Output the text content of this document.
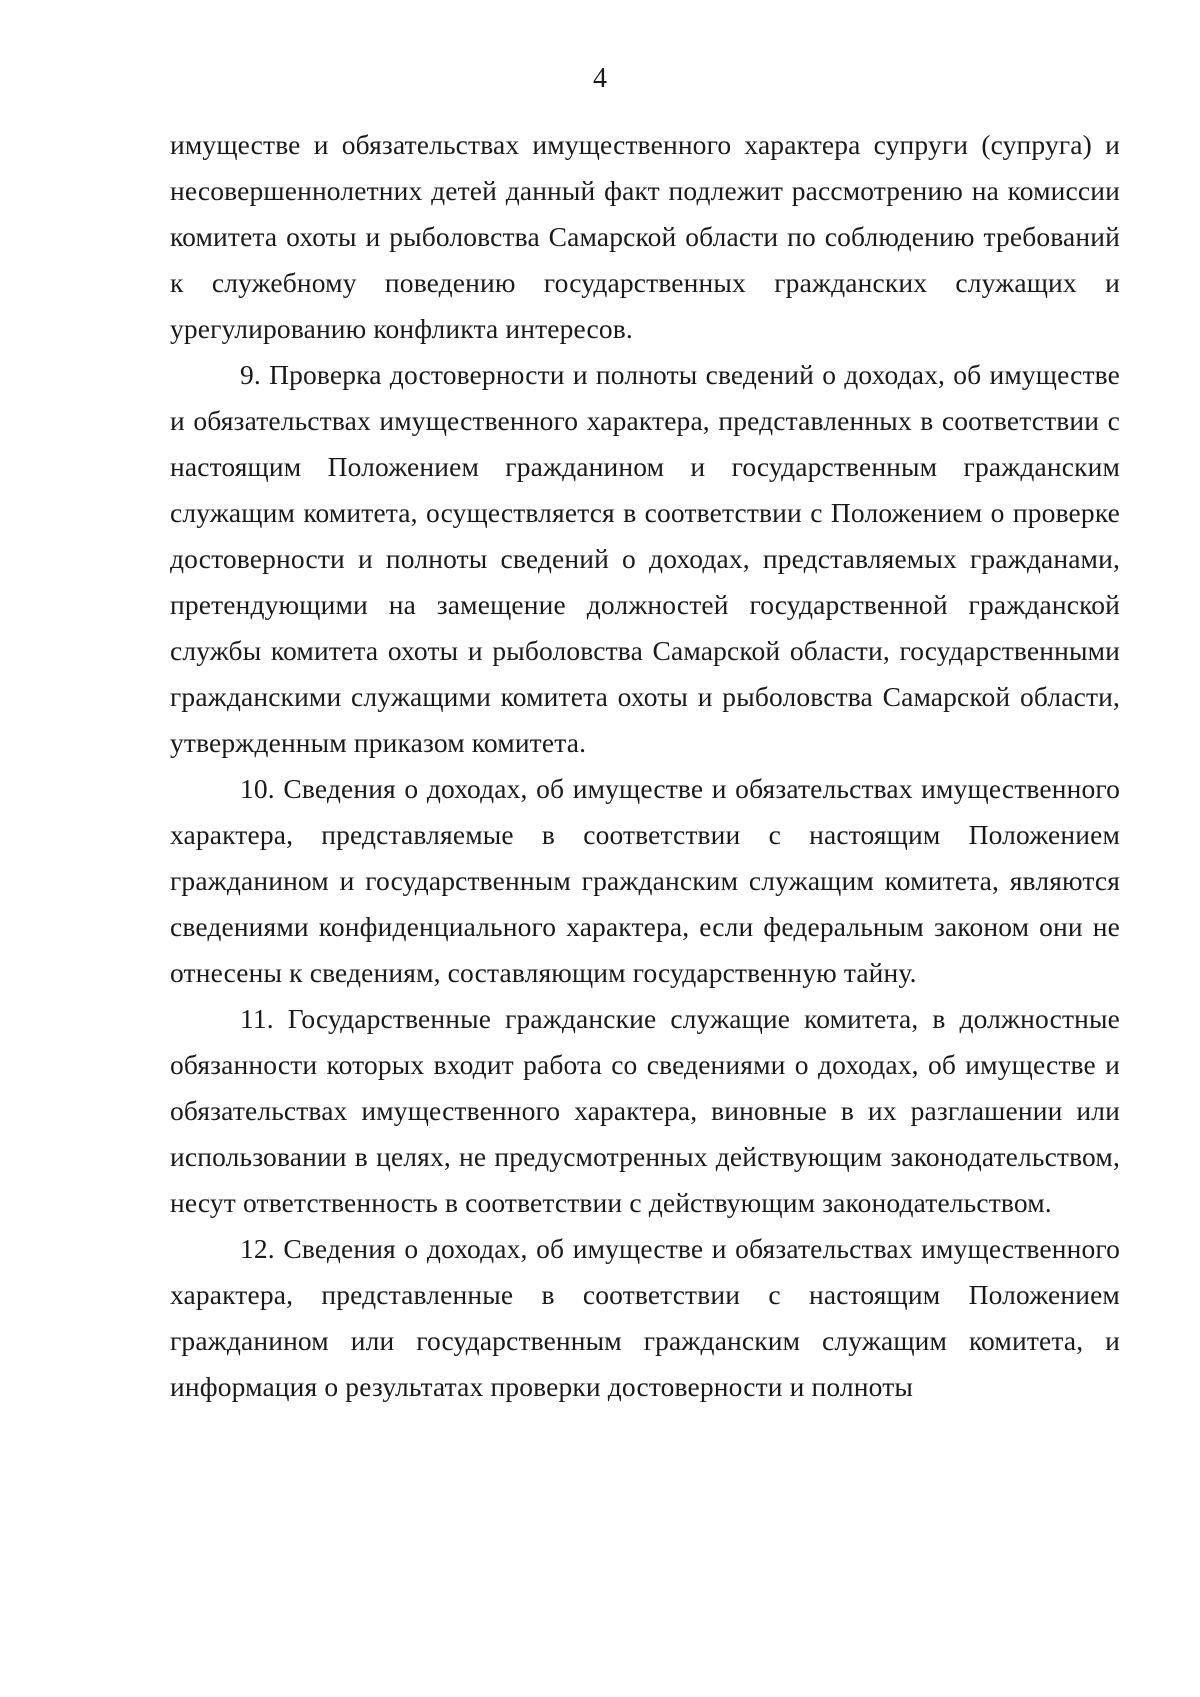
4

имуществе и обязательствах имущественного характера супруги (супруга) и несовершеннолетних детей данный факт подлежит рассмотрению на комиссии комитета охоты и рыболовства Самарской области по соблюдению требований к служебному поведению государственных гражданских служащих и урегулированию конфликта интересов.

9. Проверка достоверности и полноты сведений о доходах, об имуществе и обязательствах имущественного характера, представленных в соответствии с настоящим Положением гражданином и государственным гражданским служащим комитета, осуществляется в соответствии с Положением о проверке достоверности и полноты сведений о доходах, представляемых гражданами, претендующими на замещение должностей государственной гражданской службы комитета охоты и рыболовства Самарской области, государственными гражданскими служащими комитета охоты и рыболовства Самарской области, утвержденным приказом комитета.

10. Сведения о доходах, об имуществе и обязательствах имущественного характера, представляемые в соответствии с настоящим Положением гражданином и государственным гражданским служащим комитета, являются сведениями конфиденциального характера, если федеральным законом они не отнесены к сведениям, составляющим государственную тайну.

11. Государственные гражданские служащие комитета, в должностные обязанности которых входит работа со сведениями о доходах, об имуществе и обязательствах имущественного характера, виновные в их разглашении или использовании в целях, не предусмотренных действующим законодательством, несут ответственность в соответствии с действующим законодательством.

12. Сведения о доходах, об имуществе и обязательствах имущественного характера, представленные в соответствии с настоящим Положением гражданином или государственным гражданским служащим комитета, и информация о результатах проверки достоверности и полноты
